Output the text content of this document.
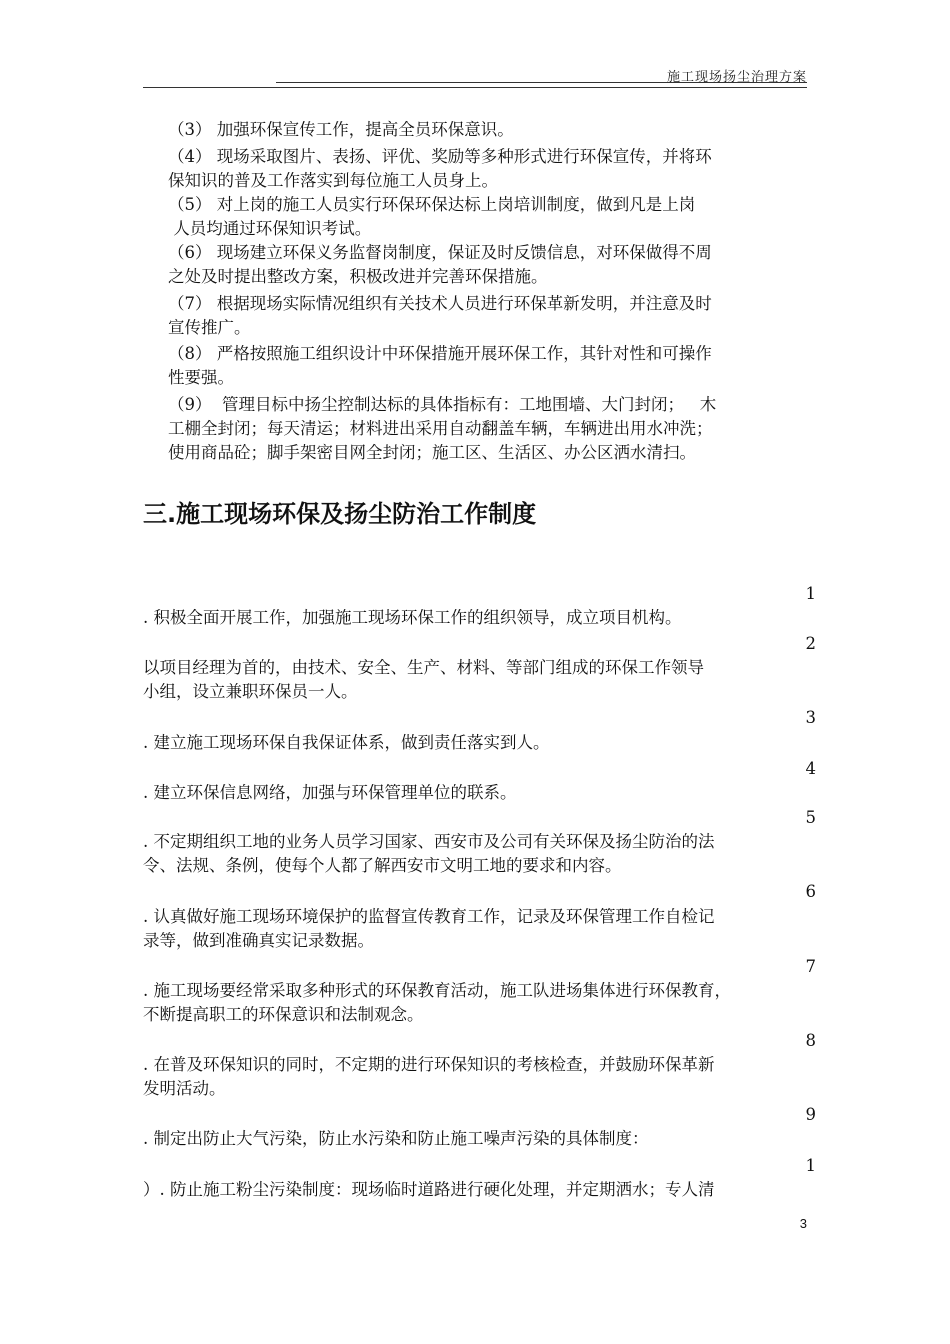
施工现场扬尘治理方案
（3） 加强环保宣传工作，提高全员环保意识。
（4） 现场采取图片、表扬、评优、奖励等多种形式进行环保宣传，并将环
保知识的普及工作落实到每位施工人员身上。
（5） 对上岗的施工人员实行环保环保达标上岗培训制度，做到凡是上岗
人员均通过环保知识考试。
（6） 现场建立环保义务监督岗制度，保证及时反馈信息，对环保做得不周
之处及时提出整改方案，积极改进并完善环保措施。
（7） 根据现场实际情况组织有关技术人员进行环保革新发明，并注意及时
宣传推广。
（8） 严格按照施工组织设计中环保措施开展环保工作，其针对性和可操作
性要强。
（9）  管理目标中扬尘控制达标的具体指标有：工地围墙、大门封闭；   木
工棚全封闭；每天清运；材料进出采用自动翻盖车辆，车辆进出用水冲洗；
使用商品砼；脚手架密目网全封闭；施工区、生活区、办公区洒水清扫。
三.施工现场环保及扬尘防治工作制度
1

. 积极全面开展工作，加强施工现场环保工作的组织领导，成立项目机构。

2

以项目经理为首的，由技术、安全、生产、材料、等部门组成的环保工作领导
小组，设立兼职环保员一人。

3

. 建立施工现场环保自我保证体系，做到责任落实到人。

4

. 建立环保信息网络，加强与环保管理单位的联系。

5

. 不定期组织工地的业务人员学习国家、西安市及公司有关环保及扬尘防治的法
令、法规、条例，使每个人都了解西安市文明工地的要求和内容。

6

. 认真做好施工现场环境保护的监督宣传教育工作，记录及环保管理工作自检记
录等，做到准确真实记录数据。

7

. 施工现场要经常采取多种形式的环保教育活动，施工队进场集体进行环保教育，
不断提高职工的环保意识和法制观念。

8

. 在普及环保知识的同时，不定期的进行环保知识的考核检查，并鼓励环保革新
发明活动。

9

. 制定出防止大气污染，防止水污染和防止施工噪声污染的具体制度：

1

）. 防止施工粉尘污染制度：现场临时道路进行硬化处理，并定期洒水；专人清

3
